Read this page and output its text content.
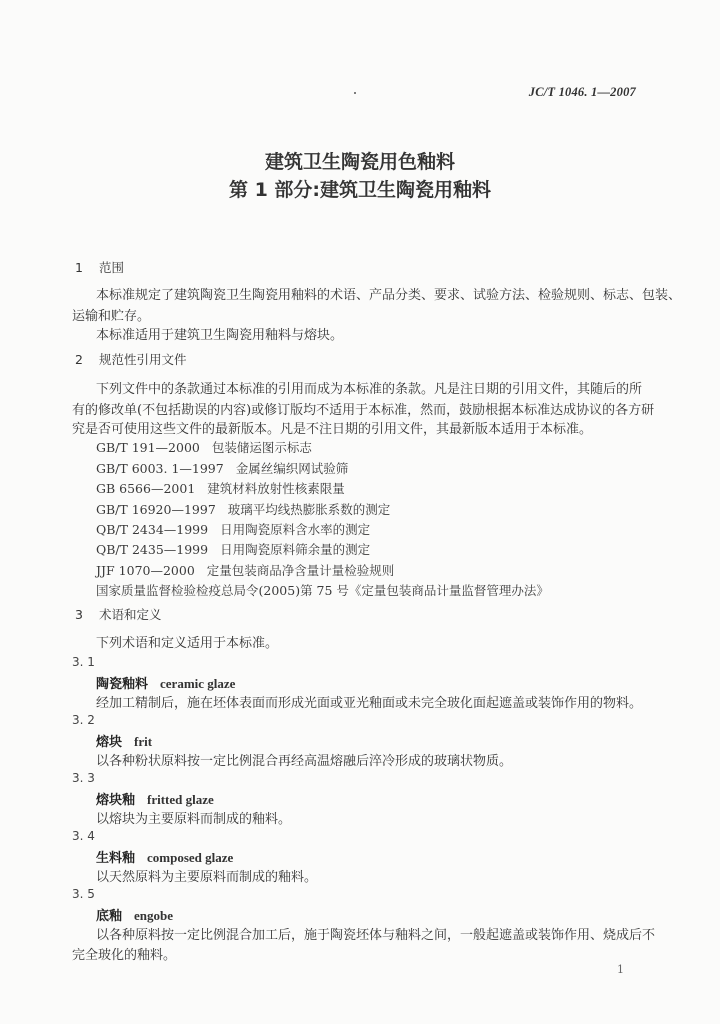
JC/T 1046. 1—2007
建筑卫生陶瓷用色釉料
第 1 部分:建筑卫生陶瓷用釉料
1 范围
本标准规定了建筑陶瓷卫生陶瓷用釉料的术语、产品分类、要求、试验方法、检验规则、标志、包装、
运输和贮存。
本标准适用于建筑卫生陶瓷用釉料与熔块。
2 规范性引用文件
下列文件中的条款通过本标准的引用而成为本标准的条款。凡是注日期的引用文件，其随后的所
有的修改单(不包括勘误的内容)或修订版均不适用于本标准，然而，鼓励根据本标准达成协议的各方研
究是否可使用这些文件的最新版本。凡是不注日期的引用文件，其最新版本适用于本标准。
GB/T 191—2000 包装储运图示标志
GB/T 6003. 1—1997 金属丝编织网试验筛
GB 6566—2001 建筑材料放射性核素限量
GB/T 16920—1997 玻璃平均线热膨胀系数的测定
QB/T 2434—1999 日用陶瓷原料含水率的测定
QB/T 2435—1999 日用陶瓷原料筛余量的测定
JJF 1070—2000 定量包装商品净含量计量检验规则
国家质量监督检验检疫总局令(2005)第 75 号《定量包装商品计量监督管理办法》
3 术语和定义
下列术语和定义适用于本标准。
3. 1
陶瓷釉料 ceramic glaze
经加工精制后，施在坯体表面而形成光面或亚光釉面或未完全玻化面起遮盖或装饰作用的物料。
3. 2
熔块 frit
以各种粉状原料按一定比例混合再经高温熔融后淬冷形成的玻璃状物质。
3. 3
熔块釉 fritted glaze
以熔块为主要原料而制成的釉料。
3. 4
生料釉 composed glaze
以天然原料为主要原料而制成的釉料。
3. 5
底釉 engobe
以各种原料按一定比例混合加工后，施于陶瓷坯体与釉料之间，一般起遮盖或装饰作用、烧成后不
完全玻化的釉料。
1
